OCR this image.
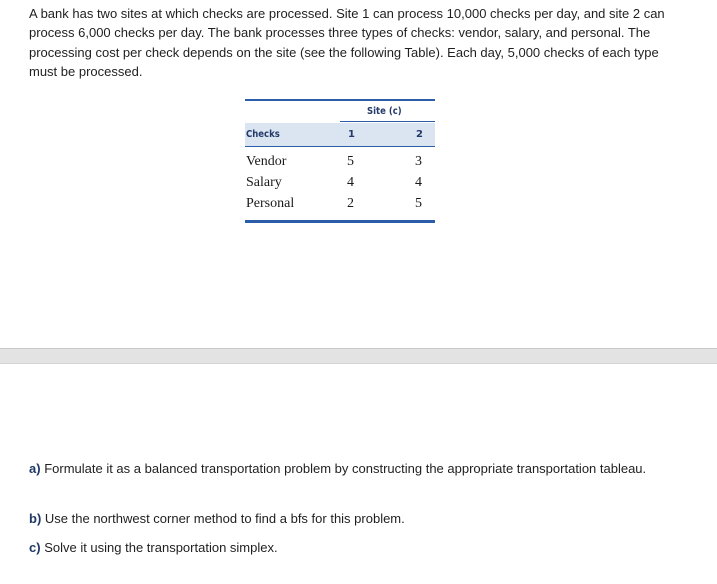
A bank has two sites at which checks are processed. Site 1 can process 10,000 checks per day, and site 2 can process 6,000 checks per day. The bank processes three types of checks: vendor, salary, and personal. The processing cost per check depends on the site (see the following Table). Each day, 5,000 checks of each type must be processed.

Site (c)
Checks	1	2
Vendor	5	3
Salary	4	4
Personal	2	5

a) Formulate it as a balanced transportation problem by constructing the appropriate transportation tableau.

b) Use the northwest corner method to find a bfs for this problem.

c) Solve it using the transportation simplex.
